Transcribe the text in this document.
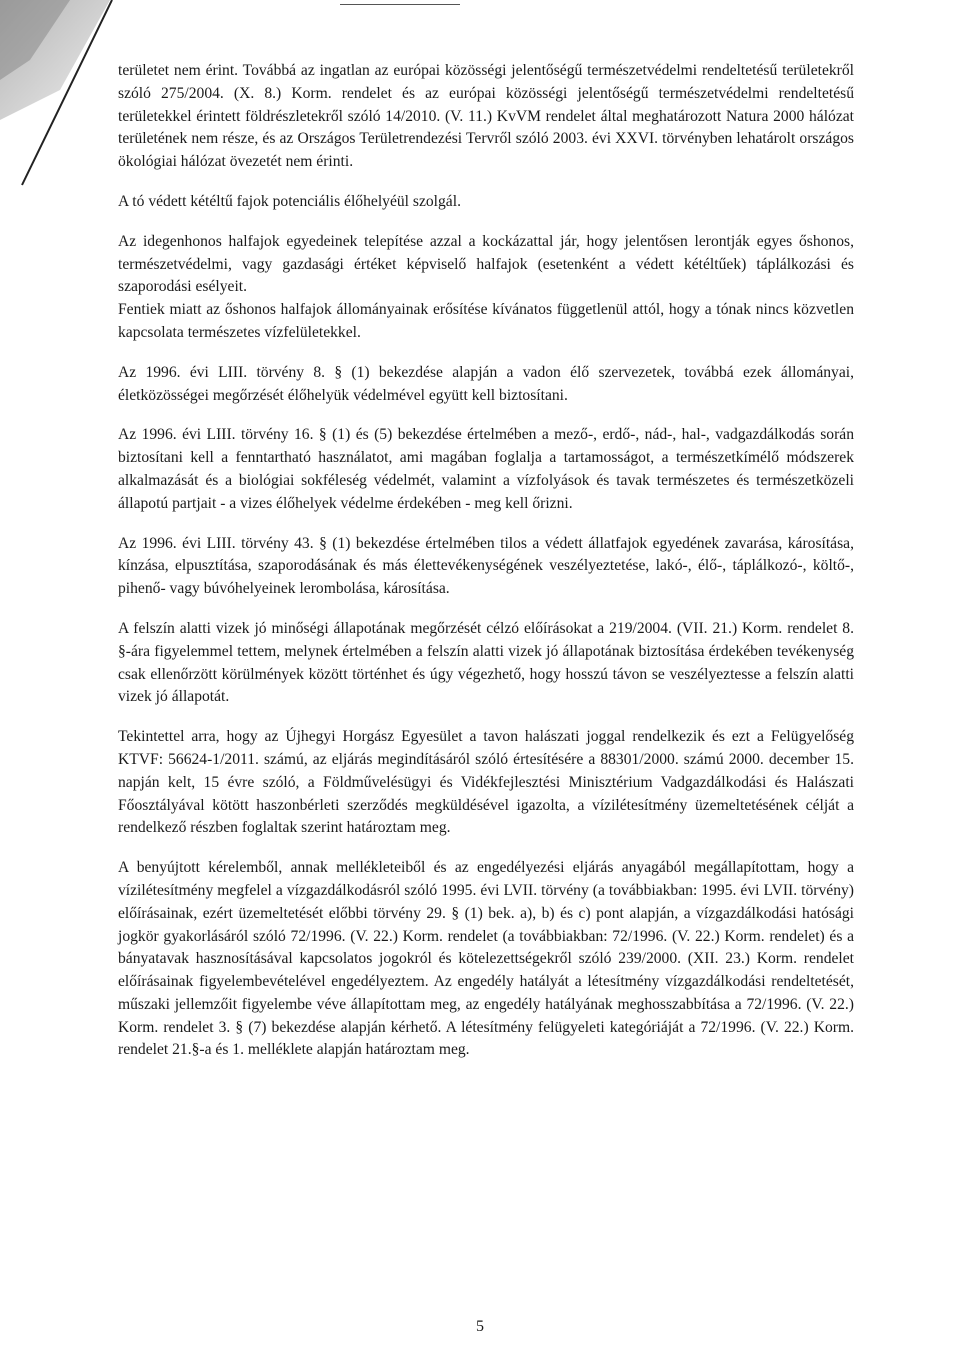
területet nem érint. Továbbá az ingatlan az európai közösségi jelentőségű természetvédelmi rendeltetésű területekről szóló 275/2004. (X. 8.) Korm. rendelet és az európai közösségi jelentőségű természetvédelmi rendeltetésű területekkel érintett földrészletekről szóló 14/2010. (V. 11.) KvVM rendelet által meghatározott Natura 2000 hálózat területének nem része, és az Országos Területrendezési Tervről szóló 2003. évi XXVI. törvényben lehatárolt országos ökológiai hálózat övezetét nem érinti.

A tó védett kétéltű fajok potenciális élőhelyéül szolgál.

Az idegenhonos halfajok egyedeinek telepítése azzal a kockázattal jár, hogy jelentősen lerontják egyes őshonos, természetvédelmi, vagy gazdasági értéket képviselő halfajok (esetenként a védett kétéltűek) táplálkozási és szaporodási esélyeit.

Fentiek miatt az őshonos halfajok állományainak erősítése kívánatos függetlenül attól, hogy a tónak nincs közvetlen kapcsolata természetes vízfelületekkel.

Az 1996. évi LIII. törvény 8. § (1) bekezdése alapján a vadon élő szervezetek, továbbá ezek állományai, életközösségei megőrzését élőhelyük védelmével együtt kell biztosítani.

Az 1996. évi LIII. törvény 16. § (1) és (5) bekezdése értelmében a mező-, erdő-, nád-, hal-, vadgazdálkodás során biztosítani kell a fenntartható használatot, ami magában foglalja a tartamosságot, a természetkímélő módszerek alkalmazását és a biológiai sokféleség védelmét, valamint a vízfolyások és tavak természetes és természetközeli állapotú partjait - a vizes élőhelyek védelme érdekében - meg kell őrizni.

Az 1996. évi LIII. törvény 43. § (1) bekezdése értelmében tilos a védett állatfajok egyedének zavarása, károsítása, kínzása, elpusztítása, szaporodásának és más élettevékenységének veszélyeztetése, lakó-, élő-, táplálkozó-, költő-, pihenő- vagy búvóhelyeinek lerombolása, károsítása.

A felszín alatti vizek jó minőségi állapotának megőrzését célzó előírásokat a 219/2004. (VII. 21.) Korm. rendelet 8. §-ára figyelemmel tettem, melynek értelmében a felszín alatti vizek jó állapotának biztosítása érdekében tevékenység csak ellenőrzött körülmények között történhet és úgy végezhető, hogy hosszú távon se veszélyeztesse a felszín alatti vizek jó állapotát.

Tekintettel arra, hogy az Újhegyi Horgász Egyesület a tavon halászati joggal rendelkezik és ezt a Felügyelőség KTVF: 56624-1/2011. számú, az eljárás megindításáról szóló értesítésére a 88301/2000. számú 2000. december 15. napján kelt, 15 évre szóló, a Földművelésügyi és Vidékfejlesztési Minisztérium Vadgazdálkodási és Halászati Főosztályával kötött haszonbérleti szerződés megküldésével igazolta, a vízilétesítmény üzemeltetésének célját a rendelkező részben foglaltak szerint határoztam meg.

A benyújtott kérelemből, annak mellékleteiből és az engedélyezési eljárás anyagából megállapítottam, hogy a vízilétesítmény megfelel a vízgazdálkodásról szóló 1995. évi LVII. törvény (a továbbiakban: 1995. évi LVII. törvény) előírásainak, ezért üzemeltetését előbbi törvény 29. § (1) bek. a), b) és c) pont alapján, a vízgazdálkodási hatósági jogkör gyakorlásáról szóló 72/1996. (V. 22.) Korm. rendelet (a továbbiakban: 72/1996. (V. 22.) Korm. rendelet) és a bányatavak hasznosításával kapcsolatos jogokról és kötelezettségekről szóló 239/2000. (XII. 23.) Korm. rendelet előírásainak figyelembevételével engedélyeztem. Az engedély hatályát a létesítmény vízgazdálkodási rendeltetését, műszaki jellemzőit figyelembe véve állapítottam meg, az engedély hatályának meghosszabbítása a 72/1996. (V. 22.) Korm. rendelet 3. § (7) bekezdése alapján kérhető. A létesítmény felügyeleti kategóriáját a 72/1996. (V. 22.) Korm. rendelet 21.§-a és 1. melléklete alapján határoztam meg.

5
